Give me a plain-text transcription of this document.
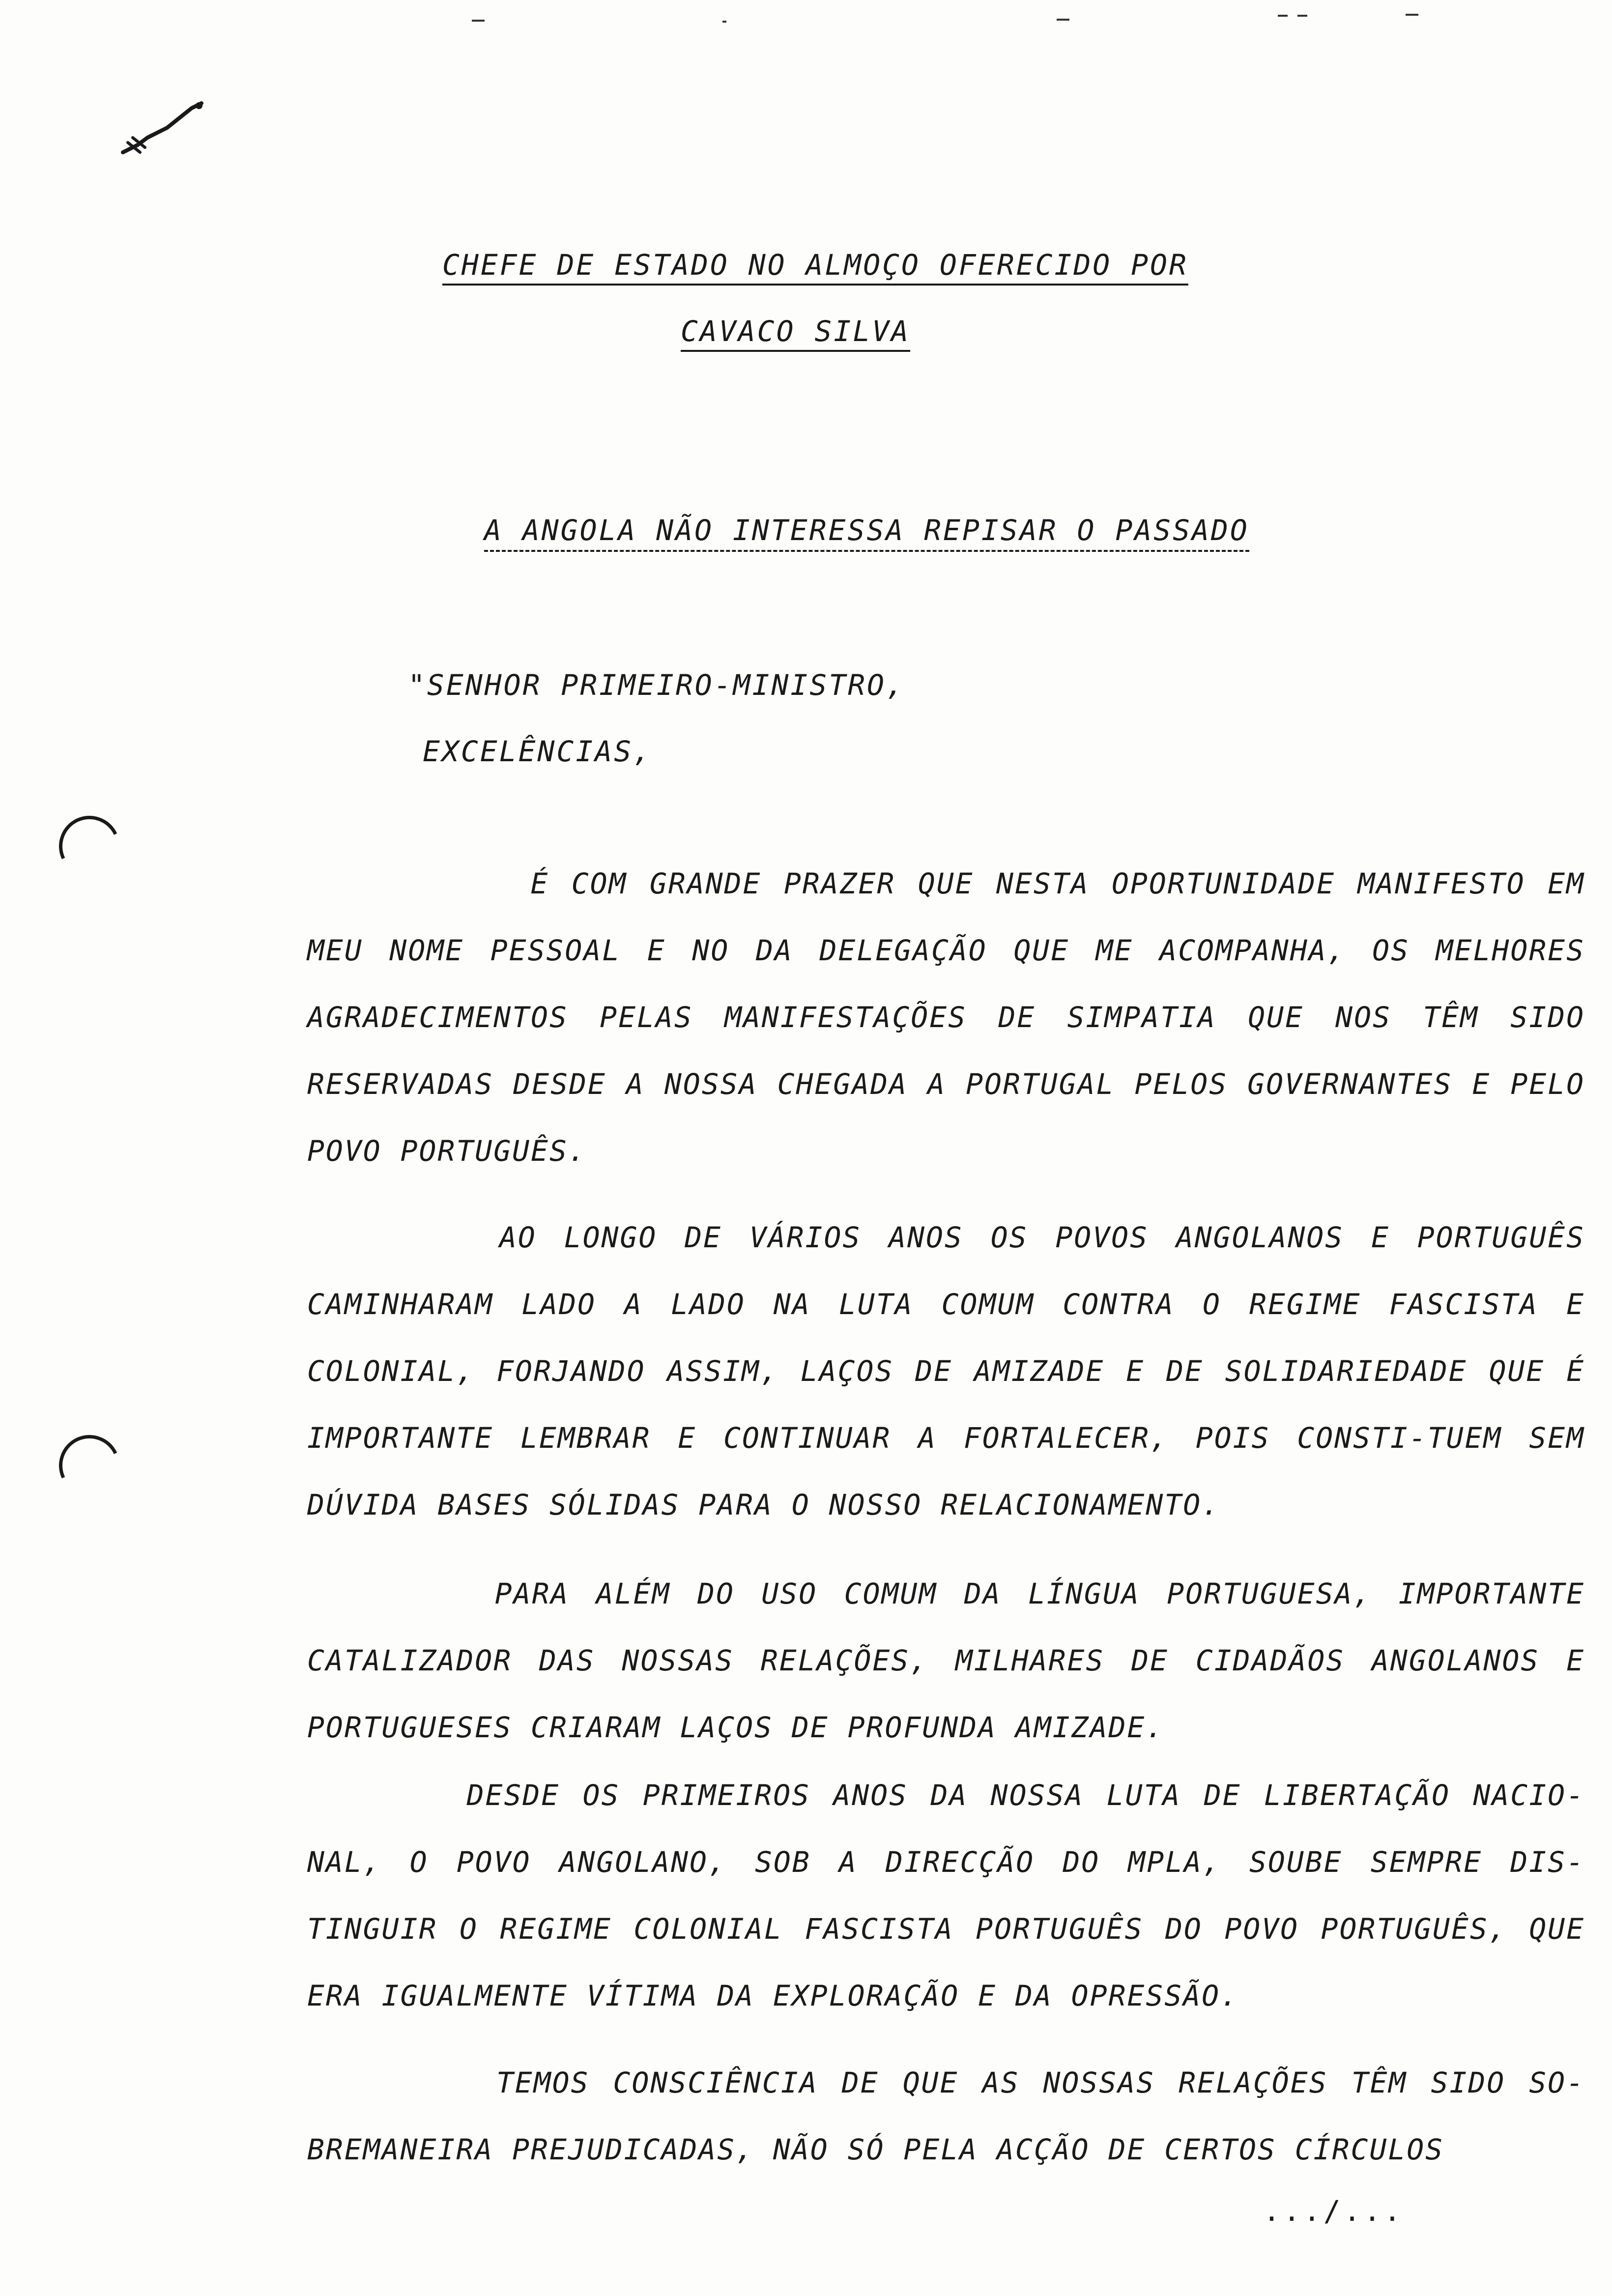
CHEFE DE ESTADO NO ALMOÇO OFERECIDO POR
CAVACO SILVA
A ANGOLA NÃO INTERESSA REPISAR O PASSADO
"SENHOR PRIMEIRO-MINISTRO,
EXCELÊNCIAS,
É COM GRANDE PRAZER QUE NESTA OPORTUNIDADE MANIFESTO EM MEU NOME PESSOAL E NO DA DELEGAÇÃO QUE ME ACOMPANHA, OS MELHORES AGRADECIMENTOS PELAS MANIFESTAÇÕES DE SIMPATIA QUE NOS TÊM SIDO RESERVADAS DESDE A NOSSA CHEGADA A PORTUGAL PELOS GOVERNANTES E PELO POVO PORTUGUÊS.
AO LONGO DE VÁRIOS ANOS OS POVOS ANGOLANOS E PORTUGUÊS CAMINHARAM LADO A LADO NA LUTA COMUM CONTRA O REGIME FASCISTA E COLONIAL, FORJANDO ASSIM, LAÇOS DE AMIZADE E DE SOLIDARIEDADE QUE É IMPORTANTE LEMBRAR E CONTINUAR A FORTALECER, POIS CONSTI-TUEM SEM DÚVIDA BASES SÓLIDAS PARA O NOSSO RELACIONAMENTO.
PARA ALÉM DO USO COMUM DA LÍNGUA PORTUGUESA, IMPORTANTE CATALIZADOR DAS NOSSAS RELAÇÕES, MILHARES DE CIDADÃOS ANGOLANOS E PORTUGUESES CRIARAM LAÇOS DE PROFUNDA AMIZADE.
DESDE OS PRIMEIROS ANOS DA NOSSA LUTA DE LIBERTAÇÃO NACIO-NAL, O POVO ANGOLANO, SOB A DIRECÇÃO DO MPLA, SOUBE SEMPRE DIS-TINGUIR O REGIME COLONIAL FASCISTA PORTUGUÊS DO POVO PORTUGUÊS, QUE ERA IGUALMENTE VÍTIMA DA EXPLORAÇÃO E DA OPRESSÃO.
TEMOS CONSCIÊNCIA DE QUE AS NOSSAS RELAÇÕES TÊM SIDO SO-BREMANEIRA PREJUDICADAS, NÃO SÓ PELA ACÇÃO DE CERTOS CÍRCULOS
.../...
